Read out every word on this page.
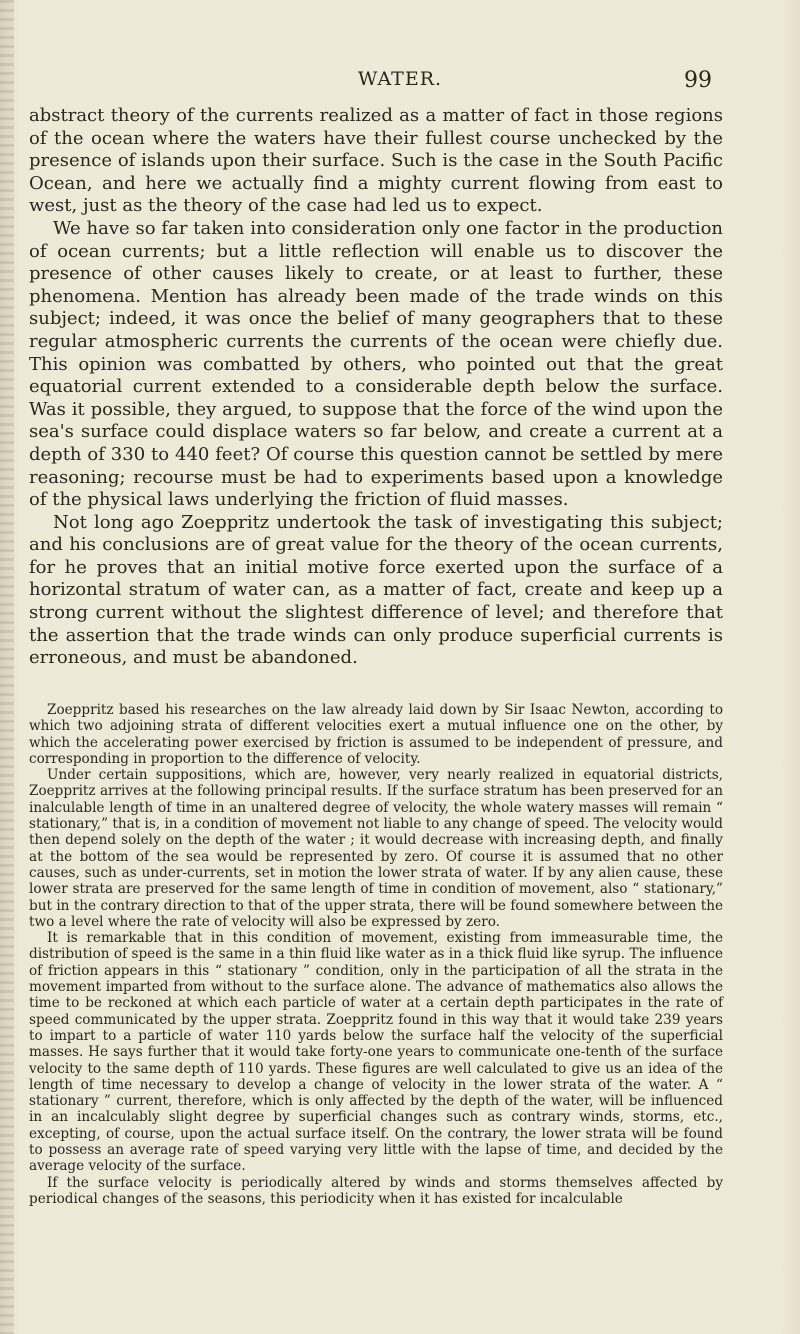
WATER.	99

abstract theory of the currents realized as a matter of fact in those regions of the ocean where the waters have their fullest course unchecked by the presence of islands upon their surface. Such is the case in the South Pacific Ocean, and here we actually find a mighty current flowing from east to west, just as the theory of the case had led us to expect.

We have so far taken into consideration only one factor in the production of ocean currents; but a little reflection will enable us to discover the presence of other causes likely to create, or at least to further, these phenomena. Mention has already been made of the trade winds on this subject; indeed, it was once the belief of many geographers that to these regular atmospheric currents the currents of the ocean were chiefly due. This opinion was combatted by others, who pointed out that the great equatorial current extended to a considerable depth below the surface. Was it possible, they argued, to suppose that the force of the wind upon the sea's surface could displace waters so far below, and create a current at a depth of 330 to 440 feet? Of course this question cannot be settled by mere reasoning; recourse must be had to experiments based upon a knowledge of the physical laws underlying the friction of fluid masses.

Not long ago Zoeppritz undertook the task of investigating this subject; and his conclusions are of great value for the theory of the ocean currents, for he proves that an initial motive force exerted upon the surface of a horizontal stratum of water can, as a matter of fact, create and keep up a strong current without the slightest difference of level; and therefore that the assertion that the trade winds can only produce superficial currents is erroneous, and must be abandoned.

Zoeppritz based his researches on the law already laid down by Sir Isaac Newton, according to which two adjoining strata of different velocities exert a mutual influence one on the other, by which the accelerating power exercised by friction is assumed to be independent of pressure, and corresponding in proportion to the difference of velocity.

Under certain suppositions, which are, however, very nearly realized in equatorial districts, Zoeppritz arrives at the following principal results. If the surface stratum has been preserved for an inalculable length of time in an unaltered degree of velocity, the whole watery masses will remain “ stationary,” that is, in a condition of movement not liable to any change of speed. The velocity would then depend solely on the depth of the water ; it would decrease with increasing depth, and finally at the bottom of the sea would be represented by zero. Of course it is assumed that no other causes, such as under-currents, set in motion the lower strata of water. If by any alien cause, these lower strata are preserved for the same length of time in condition of movement, also “ stationary,” but in the contrary direction to that of the upper strata, there will be found somewhere between the two a level where the rate of velocity will also be expressed by zero.

It is remarkable that in this condition of movement, existing from immeasurable time, the distribution of speed is the same in a thin fluid like water as in a thick fluid like syrup. The influence of friction appears in this “ stationary ” condition, only in the participation of all the strata in the movement imparted from without to the surface alone. The advance of mathematics also allows the time to be reckoned at which each particle of water at a certain depth participates in the rate of speed communicated by the upper strata. Zoeppritz found in this way that it would take 239 years to impart to a particle of water 110 yards below the surface half the velocity of the superficial masses. He says further that it would take forty-one years to communicate one-tenth of the surface velocity to the same depth of 110 yards. These figures are well calculated to give us an idea of the length of time necessary to develop a change of velocity in the lower strata of the water. A “ stationary ” current, therefore, which is only affected by the depth of the water, will be influenced in an incalculably slight degree by superficial changes such as contrary winds, storms, etc., excepting, of course, upon the actual surface itself. On the contrary, the lower strata will be found to possess an average rate of speed varying very little with the lapse of time, and decided by the average velocity of the surface.

If the surface velocity is periodically altered by winds and storms themselves affected by periodical changes of the seasons, this periodicity when it has existed for incalculable
